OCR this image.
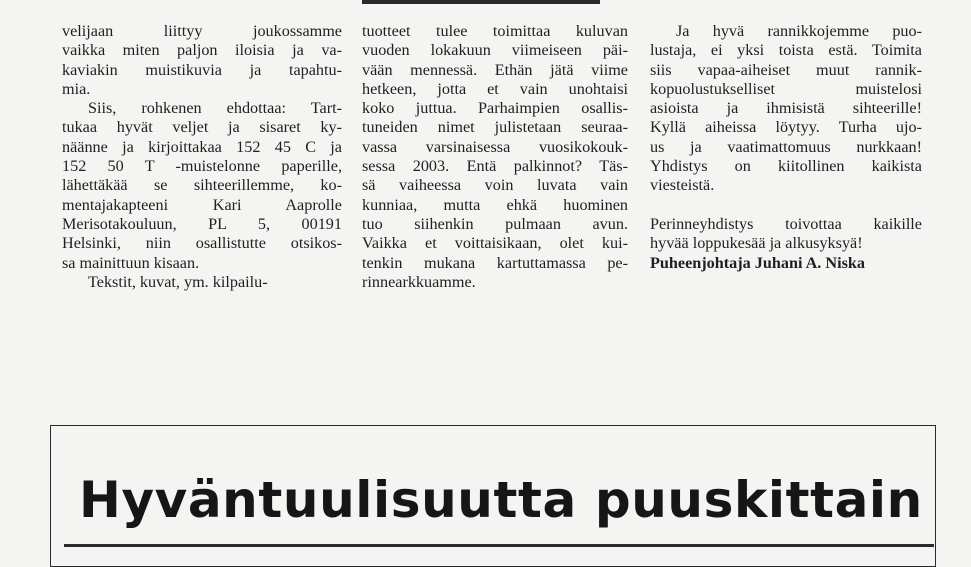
velijaan liittyy joukossamme
vaikka miten paljon iloisia ja va-
kaviakin muistikuvia ja tapahtu-
mia.

Siis, rohkenen ehdottaa: Tart-
tukaa hyvät veljet ja sisaret ky-
näänne ja kirjoittakaa 152 45 C ja
152 50 T -muistelonne paperille,
lähettäkää se sihteerillemme, ko-
mentajakapteeni Kari Aaprolle
Merisotakouluun, PL 5, 00191
Helsinki, niin osallistutte otsikos-
sa mainittuun kisaan.

Tekstit, kuvat, ym. kilpailu-

tuotteet tulee toimittaa kuluvan
vuoden lokakuun viimeiseen päi-
vään mennessä. Ethän jätä viime
hetkeen, jotta et vain unohtaisi
koko juttua. Parhaimpien osallis-
tuneiden nimet julistetaan seuraa-
vassa varsinaisessa vuosikokouk-
sessa 2003. Entä palkinnot? Täs-
sä vaiheessa voin luvata vain
kunniaa, mutta ehkä huominen
tuo siihenkin pulmaan avun.
Vaikka et voittaisikaan, olet kui-
tenkin mukana kartuttamassa pe-
rinnearkkuamme.

Ja hyvä rannikkojemme puo-
lustaja, ei yksi toista estä. Toimita
siis vapaa-aiheiset muut rannik-
kopuolustukselliset muistelosi
asioista ja ihmisistä sihteerille!
Kyllä aiheissa löytyy. Turha ujo-
us ja vaatimattomuus nurkkaan!
Yhdistys on kiitollinen kaikista
viesteistä.

Perinneyhdistys toivottaa kaikille
hyvää loppukesää ja alkusyksyä!

Puheenjohtaja Juhani A. Niska

Hyväntuulisuutta puuskittain
